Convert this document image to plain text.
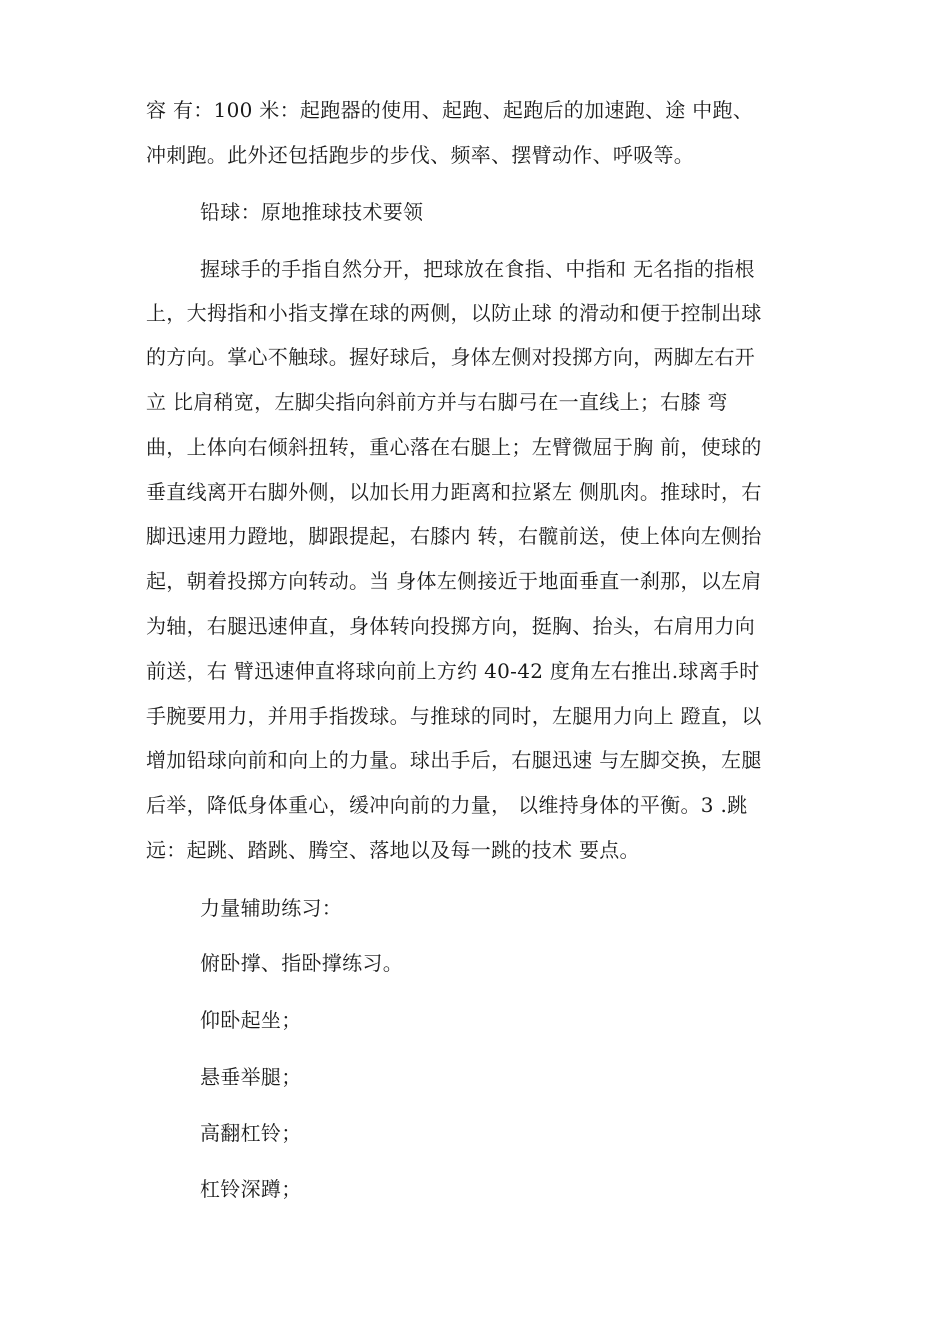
容 有：100 米：起跑器的使用、起跑、起跑后的加速跑、途 中跑、
冲刺跑。此外还包括跑步的步伐、频率、摆臂动作、呼吸等。
铅球：原地推球技术要领
握球手的手指自然分开，把球放在食指、中指和 无名指的指根
上，大拇指和小指支撑在球的两侧，以防止球 的滑动和便于控制出球
的方向。掌心不触球。握好球后，身体左侧对投掷方向，两脚左右开
立 比肩稍宽，左脚尖指向斜前方并与右脚弓在一直线上；右膝 弯
曲，上体向右倾斜扭转，重心落在右腿上；左臂微屈于胸 前，使球的
垂直线离开右脚外侧，以加长用力距离和拉紧左 侧肌肉。推球时，右
脚迅速用力蹬地，脚跟提起，右膝内 转，右髋前送，使上体向左侧抬
起，朝着投掷方向转动。当 身体左侧接近于地面垂直一刹那，以左肩
为轴，右腿迅速伸直，身体转向投掷方向，挺胸、抬头，右肩用力向
前送，右 臂迅速伸直将球向前上方约 40-42 度角左右推出.球离手时
手腕要用力，并用手指拨球。与推球的同时，左腿用力向上 蹬直，以
增加铅球向前和向上的力量。球出手后，右腿迅速 与左脚交换，左腿
后举，降低身体重心，缓冲向前的力量， 以维持身体的平衡。3 .跳
远：起跳、踏跳、腾空、落地以及每一跳的技术 要点。
力量辅助练习：
俯卧撑、指卧撑练习。
仰卧起坐；
悬垂举腿；
高翻杠铃；
杠铃深蹲；
